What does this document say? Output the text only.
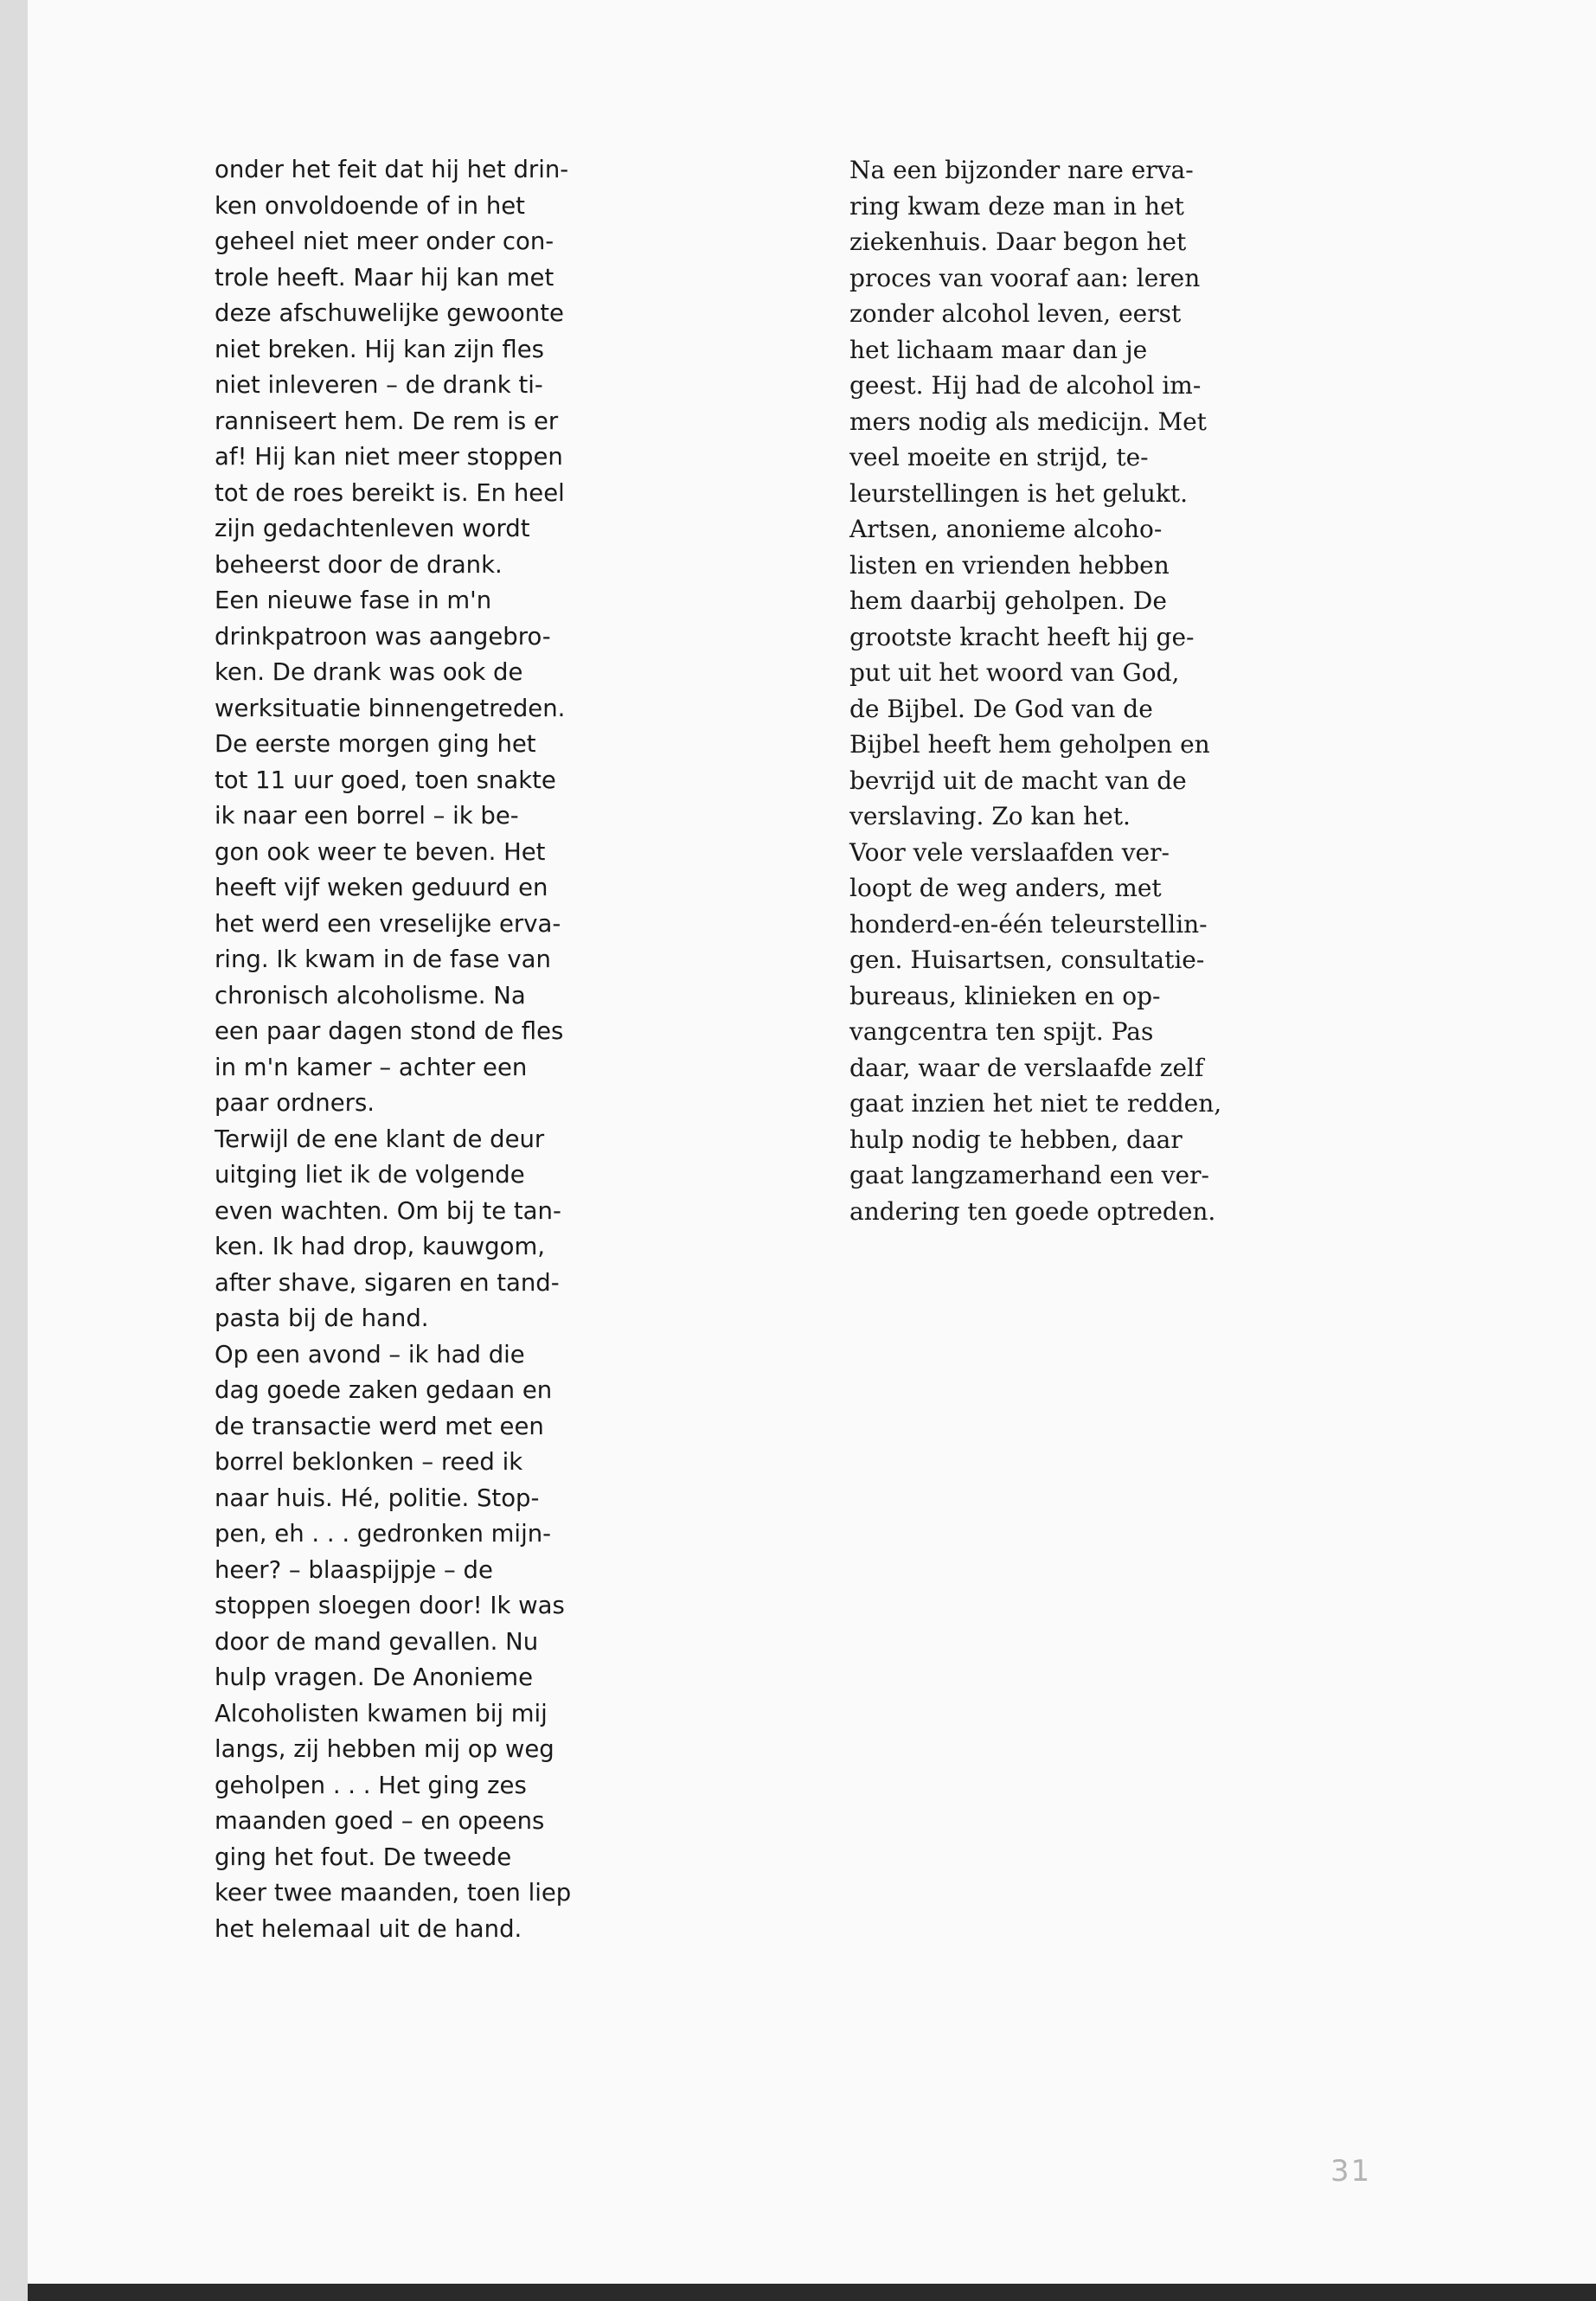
onder het feit dat hij het drin-
ken onvoldoende of in het
geheel niet meer onder con-
trole heeft. Maar hij kan met
deze afschuwelijke gewoonte
niet breken. Hij kan zijn fles
niet inleveren – de drank ti-
ranniseert hem. De rem is er
af! Hij kan niet meer stoppen
tot de roes bereikt is. En heel
zijn gedachtenleven wordt
beheerst door de drank.
Een nieuwe fase in m'n
drinkpatroon was aangebro-
ken. De drank was ook de
werksituatie binnengetreden.
De eerste morgen ging het
tot 11 uur goed, toen snakte
ik naar een borrel – ik be-
gon ook weer te beven. Het
heeft vijf weken geduurd en
het werd een vreselijke erva-
ring. Ik kwam in de fase van
chronisch alcoholisme. Na
een paar dagen stond de fles
in m'n kamer – achter een
paar ordners.
Terwijl de ene klant de deur
uitging liet ik de volgende
even wachten. Om bij te tan-
ken. Ik had drop, kauwgom,
after shave, sigaren en tand-
pasta bij de hand.
Op een avond – ik had die
dag goede zaken gedaan en
de transactie werd met een
borrel beklonken – reed ik
naar huis. Hé, politie. Stop-
pen, eh . . . gedronken mijn-
heer? – blaaspijpje – de
stoppen sloegen door! Ik was
door de mand gevallen. Nu
hulp vragen. De Anonieme
Alcoholisten kwamen bij mij
langs, zij hebben mij op weg
geholpen . . . Het ging zes
maanden goed – en opeens
ging het fout. De tweede
keer twee maanden, toen liep
het helemaal uit de hand.
Na een bijzonder nare erva-
ring kwam deze man in het
ziekenhuis. Daar begon het
proces van vooraf aan: leren
zonder alcohol leven, eerst
het lichaam maar dan je
geest. Hij had de alcohol im-
mers nodig als medicijn. Met
veel moeite en strijd, te-
leurstellingen is het gelukt.
Artsen, anonieme alcoho-
listen en vrienden hebben
hem daarbij geholpen. De
grootste kracht heeft hij ge-
put uit het woord van God,
de Bijbel. De God van de
Bijbel heeft hem geholpen en
bevrijd uit de macht van de
verslaving. Zo kan het.
Voor vele verslaafden ver-
loopt de weg anders, met
honderd-en-één teleurstellin-
gen. Huisartsen, consultatie-
bureaus, klinieken en op-
vangcentra ten spijt. Pas
daar, waar de verslaafde zelf
gaat inzien het niet te redden,
hulp nodig te hebben, daar
gaat langzamerhand een ver-
andering ten goede optreden.
31
